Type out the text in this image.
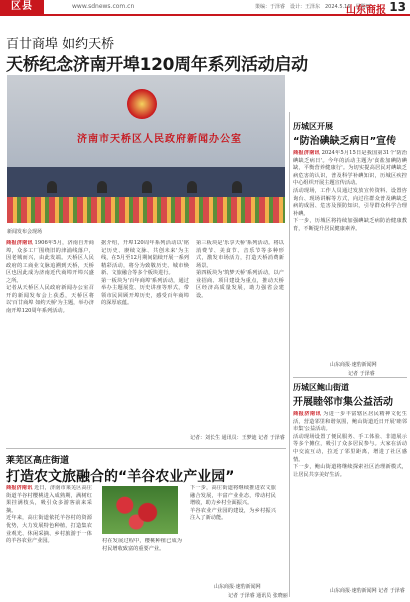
区县	www.sdnews.com.cn	策编：于泽睿　设计：王泽东　2024.5.16　星期四
山东商报 13
百廿商埠 如约天桥
天桥纪念济南开埠120周年系列活动启动
济南市天桥区人民政府新闻办公室
新闻发布会现场

商报济南讯 1906年5月，济南自开商埠，众多工厂围绕旧的津浦线落户，因老城而兴，由此发端。天桥区人民政府的工商业文脉追溯到天桥，天桥区也因此成为济南近代商埠开埠兴盛之所。

记者从天桥区人民政府新闻办公室召开的新闻发布会上获悉，天桥区将以'百廿商埠 如约天桥'为主题，举办济南开埠120周年系列活动。

据介绍，开埠120周年系列活动以'铭记历史、赓续文脉、共创未来'为主线，在5月至12月期间陆续开展一系列精彩活动，将分为致敬历史、城市焕新、文旅融合等多个板块进行。

第一板块为'百年商埠'系列活动，通过举办主题展览、历史讲座等形式，带领市民回顾开埠历史，感受百年商埠的深厚底蕴。

第三板块是'乐享天桥'系列活动。将以消费节、美食节、音乐节等多种形式，激发市场活力，打造天桥消费新场景。

第四板块为'筑梦天桥'系列活动，以产业招商、项目建设为重点，推动天桥区经济高质量发展，助力强省会建设。

记者：刘长生 通讯员：王梦迪 记者 于泽睿
历城区开展
“防治碘缺乏病日”宣传

商报济南讯 2024年5月15日是我国第31个'防治碘缺乏病日'。今年的活动主题为'食盐加碘防碘缺，平衡营养健康行'。为切实提高居民对碘缺乏病危害的认识，普及科学补碘知识，历城区疾控中心组织开展主题宣传活动。

活动现场，工作人员通过发放宣传资料、设置咨询台、现场讲解等方式，向过往群众普及碘缺乏病的成因、危害及预防知识，引导群众科学合理补碘。

下一步，历城区将持续加强碘缺乏病防治健康教育，不断提升居民健康素养。

山东商报·速豹新闻网
记者 于泽睿
历城区鲍山街道
开展睦邻市集公益活动

商报济南讯 为进一步丰富辖区居民精神文化生活，营造邻里和谐氛围，鲍山街道近日开展'睦邻市集'公益活动。

活动现场设置了便民服务、手工体验、非遗展示等多个摊位，吸引了众多居民参与。大家在活动中交流互动，拉近了邻里距离，增进了社区感情。

下一步，鲍山街道将继续探索社区治理新模式，让居民共享美好生活。

山东商报·速豹新闻网 记者 于泽睿
莱芜区高庄街道
打造农文旅融合的“羊谷农业产业园”

商报济南讯 近日，济南市莱芜区高庄街道羊谷村樱桃进入成熟期，满树红果挂满枝头，吸引众多游客前来采摘。

近年来，高庄街道依托羊谷村的资源优势，大力发展特色种植，打造集农业观光、休闲采摘、乡村旅游于一体的羊谷农业产业园。	村在发展过程中，樱桃种植已成为村民增收致富的重要产业。

下一步，高庄街道将继续推进农文旅融合发展，丰富产业业态，带动村民增收，助力乡村全面振兴。

羊谷农业产业园的建设，为乡村振兴注入了新动能。

山东商报·速豹新闻网
记者 于泽睿 通讯员 张晓丽
